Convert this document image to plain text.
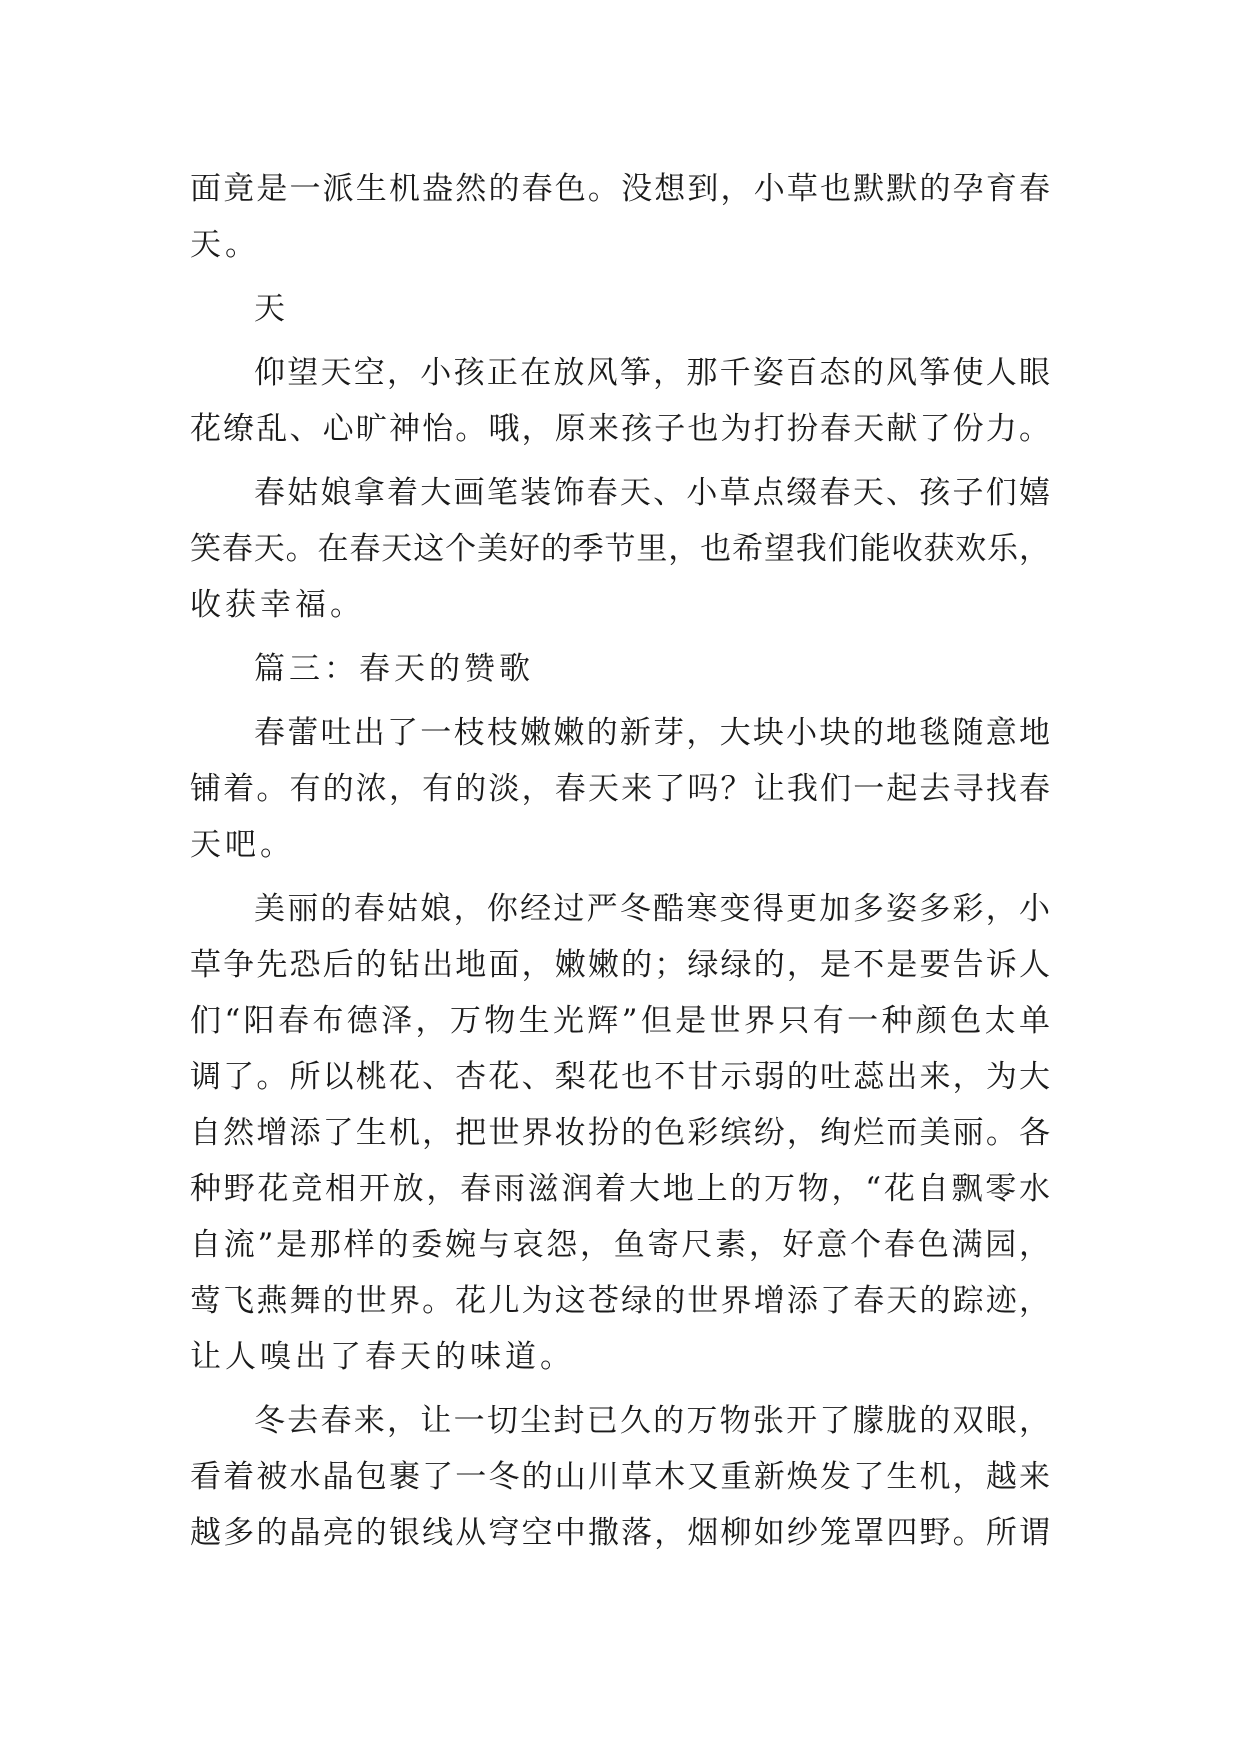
面竟是一派生机盎然的春色。没想到，小草也默默的孕育春
天。
天
仰望天空，小孩正在放风筝，那千姿百态的风筝使人眼
花缭乱、心旷神怡。哦，原来孩子也为打扮春天献了份力。
春姑娘拿着大画笔装饰春天、小草点缀春天、孩子们嬉
笑春天。在春天这个美好的季节里，也希望我们能收获欢乐，
收获幸福。
篇三：春天的赞歌
春蕾吐出了一枝枝嫩嫩的新芽，大块小块的地毯随意地
铺着。有的浓，有的淡，春天来了吗？让我们一起去寻找春
天吧。
美丽的春姑娘，你经过严冬酷寒变得更加多姿多彩，小
草争先恐后的钻出地面，嫩嫩的；绿绿的，是不是要告诉人
们“阳春布德泽，万物生光辉”但是世界只有一种颜色太单
调了。所以桃花、杏花、梨花也不甘示弱的吐蕊出来，为大
自然增添了生机，把世界妆扮的色彩缤纷，绚烂而美丽。各
种野花竞相开放，春雨滋润着大地上的万物，“花自飘零水
自流”是那样的委婉与哀怨，鱼寄尺素，好意个春色满园，
莺飞燕舞的世界。花儿为这苍绿的世界增添了春天的踪迹，
让人嗅出了春天的味道。
冬去春来，让一切尘封已久的万物张开了朦胧的双眼，
看着被水晶包裹了一冬的山川草木又重新焕发了生机，越来
越多的晶亮的银线从穹空中撒落，烟柳如纱笼罩四野。所谓
